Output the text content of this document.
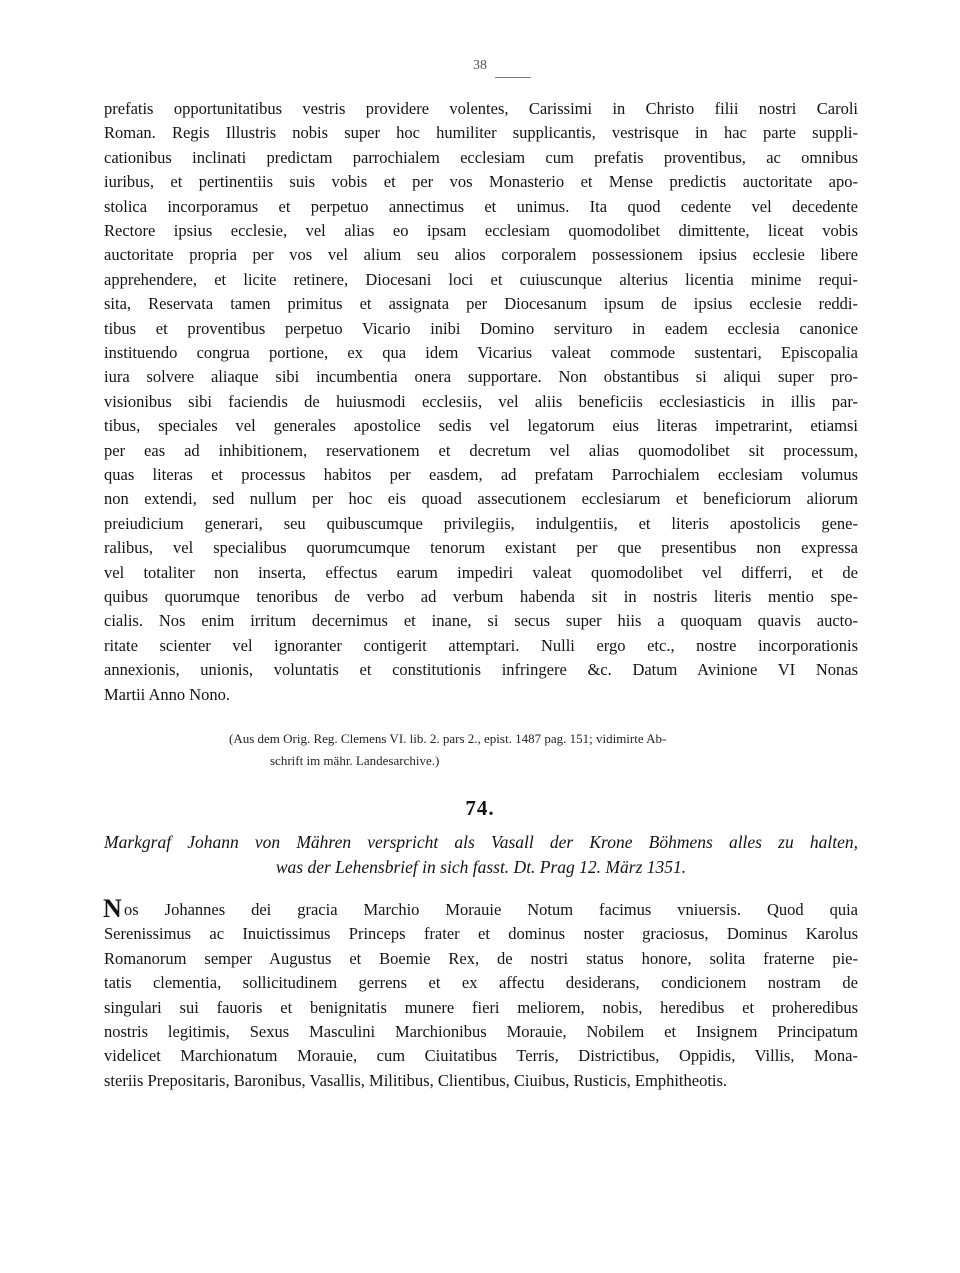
38
prefatis opportunitatibus vestris providere volentes, Carissimi in Christo filii nostri Caroli
Roman. Regis Illustris nobis super hoc humiliter supplicantis, vestrisque in hac parte suppli-
cationibus inclinati predictam parrochialem ecclesiam cum prefatis proventibus, ac omnibus
iuribus, et pertinentiis suis vobis et per vos Monasterio et Mense predictis auctoritate apo-
stolica incorporamus et perpetuo annectimus et unimus. Ita quod cedente vel decedente
Rectore ipsius ecclesie, vel alias eo ipsam ecclesiam quomodolibet dimittente, liceat vobis
auctoritate propria per vos vel alium seu alios corporalem possessionem ipsius ecclesie libere
apprehendere, et licite retinere, Diocesani loci et cuiuscunque alterius licentia minime requi-
sita, Reservata tamen primitus et assignata per Diocesanum ipsum de ipsius ecclesie reddi-
tibus et proventibus perpetuo Vicario inibi Domino servituro in eadem ecclesia canonice
instituendo congrua portione, ex qua idem Vicarius valeat commode sustentari, Episcopalia
iura solvere aliaque sibi incumbentia onera supportare. Non obstantibus si aliqui super pro-
visionibus sibi faciendis de huiusmodi ecclesiis, vel aliis beneficiis ecclesiasticis in illis par-
tibus, speciales vel generales apostolice sedis vel legatorum eius literas impetrarint, etiamsi
per eas ad inhibitionem, reservationem et decretum vel alias quomodolibet sit processum,
quas literas et processus habitos per easdem, ad prefatam Parrochialem ecclesiam volumus
non extendi, sed nullum per hoc eis quoad assecutionem ecclesiarum et beneficiorum aliorum
preiudicium generari, seu quibuscumque privilegiis, indulgentiis, et literis apostolicis gene-
ralibus, vel specialibus quorumcumque tenorum existant per que presentibus non expressa
vel totaliter non inserta, effectus earum impediri valeat quomodolibet vel differri, et de
quibus quorumque tenoribus de verbo ad verbum habenda sit in nostris literis mentio spe-
cialis. Nos enim irritum decernimus et inane, si secus super hiis a quoquam quavis aucto-
ritate scienter vel ignoranter contigerit attemptari. Nulli ergo etc., nostre incorporationis
annexionis, unionis, voluntatis et constitutionis infringere &c. Datum Avinione VI Nonas
Martii Anno Nono.
(Aus dem Orig. Reg. Clemens VI. lib. 2. pars 2., epist. 1487 pag. 151; vidimirte Ab-
schrift im mähr. Landesarchive.)
74.
Markgraf Johann von Mähren verspricht als Vasall der Krone Böhmens alles zu halten,
was der Lehensbrief in sich fasst. Dt. Prag 12. März 1351.
os Johannes dei gracia Marchio Morauie Notum facimus vniuersis. Quod quia
Serenissimus ac Inuictissimus Princeps frater et dominus noster graciosus, Dominus Karolus
Romanorum semper Augustus et Boemie Rex, de nostri status honore, solita fraterne pie-
tatis clementia, sollicitudinem gerrens et ex affectu desiderans, condicionem nostram de
singulari sui fauoris et benignitatis munere fieri meliorem, nobis, heredibus et proheredibus
nostris legitimis, Sexus Masculini Marchionibus Morauie, Nobilem et Insignem Principatum
videlicet Marchionatum Morauie, cum Ciuitatibus Terris, Districtibus, Oppidis, Villis, Mona-
steriis Prepositaris, Baronibus, Vasallis, Militibus, Clientibus, Ciuibus, Rusticis, Emphitheotis.
N
